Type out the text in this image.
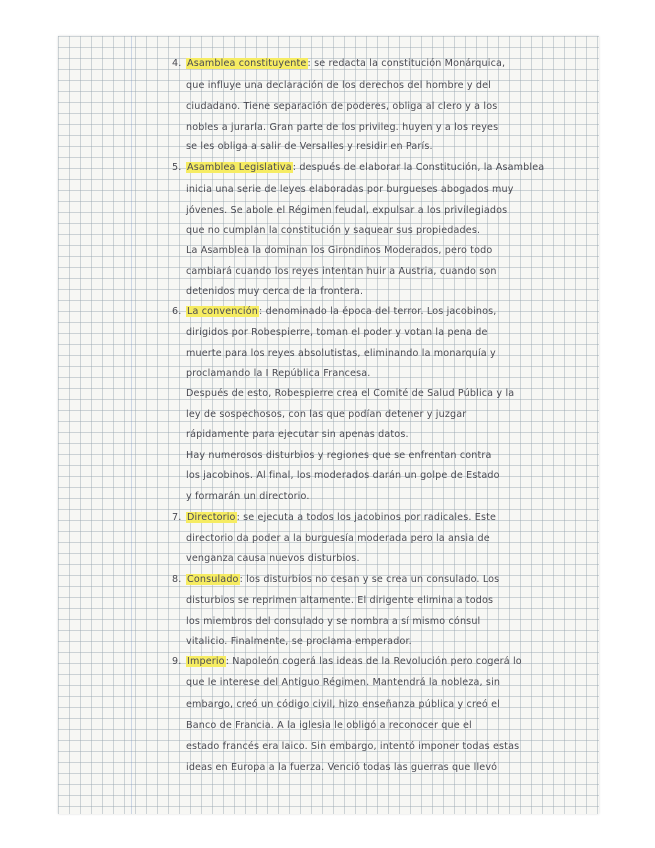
4. Asamblea constituyente: se redacta la constitución Monárquica,
que influye una declaración de los derechos del hombre y del
ciudadano. Tiene separación de poderes, obliga al clero y a los
nobles a jurarla. Gran parte de los privileg. huyen y a los reyes
se les obliga a salir de Versalles y residir en París.
5. Asamblea Legislativa: después de elaborar la Constitución, la Asamblea
inicia una serie de leyes elaboradas por burgueses abogados muy
jóvenes. Se abole el Régimen feudal, expulsar a los privilegiados
que no cumplan la constitución y saquear sus propiedades.
La Asamblea la dominan los Girondinos Moderados, pero todo
cambiará cuando los reyes intentan huir a Austria, cuando son
detenidos muy cerca de la frontera.
6. La convención: denominado la época del terror. Los jacobinos,
dirigidos por Robespierre, toman el poder y votan la pena de
muerte para los reyes absolutistas, eliminando la monarquía y
proclamando la I República Francesa.
Después de esto, Robespierre crea el Comité de Salud Pública y la
ley de sospechosos, con las que podían detener y juzgar
rápidamente para ejecutar sin apenas datos.
Hay numerosos disturbios y regiones que se enfrentan contra
los jacobinos. Al final, los moderados darán un golpe de Estado
y formarán un directorio.
7. Directorio: se ejecuta a todos los jacobinos por radicales. Este
directorio da poder a la burguesía moderada pero la ansia de
venganza causa nuevos disturbios.
8. Consulado: los disturbios no cesan y se crea un consulado. Los
disturbios se reprimen altamente. El dirigente elimina a todos
los miembros del consulado y se nombra a sí mismo cónsul
vitalicio. Finalmente, se proclama emperador.
9. Imperio: Napoleón cogerá las ideas de la Revolución pero cogerá lo
que le interese del Antiguo Régimen. Mantendrá la nobleza, sin
embargo, creó un código civil, hizo enseñanza pública y creó el
Banco de Francia. A la iglesia le obligó a reconocer que el
estado francés era laico. Sin embargo, intentó imponer todas estas
ideas en Europa a la fuerza. Venció todas las guerras que llevó
